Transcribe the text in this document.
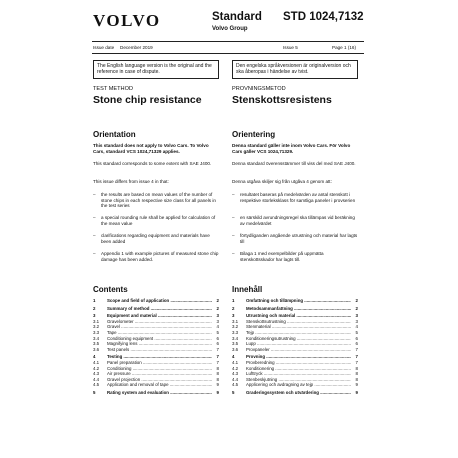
VOLVO	Standard
Volvo Group
STD 1024,7132
Issue date December 2019	Issue 5	Page 1 (16)
The English language version is the original and the reference in case of dispute.
Den engelska språkversionen är originalversion och ska åberopas i händelse av tvist.
TEST METHOD
Stone chip resistance
Orientation
This standard does not apply to Volvo Cars. To Volvo Cars, standard VCS 1024,71329 applies.
This standard corresponds to some extent with SAE J400.
This issue differs from issue 4 in that:
– the results are based on mean values of the number of stone chips in each respective size class for all panels in the test series
– a special rounding rule shall be applied for calculation of the mean value
– clarifications regarding equipment and materials have been added
– Appendix 1 with example pictures of measured stone chip damage has been added.
Contents
1	Scope and field of application .....	2
2	Summary of method .....	2
3	Equipment and material .....	3
3.1 Gravelometer .....	3
3.2 Gravel .....	4
3.3 Tape .....	5
3.4 Conditioning equipment .....	6
3.5 Magnifying lens .....	6
3.6 Test panels .....	7
4	Testing .....	7
4.1 Panel preparation .....	7
4.2 Conditioning .....	8
4.3 Air pressure .....	8
4.4 Gravel projection .....	8
4.5 Application and removal of tape .....	9
5	Rating system and evaluation .....	9
PROVNINGSMETOD
Stenskottsresistens
Orientering
Denna standard gäller inte inom Volvo Cars. För Volvo Cars gäller VCS 1024,71329.
Denna standard överensstämmer till viss del med SAE J400.
Denna utgåva skiljer sig från utgåva 4 genom att:
– resultatet baseras på medelvärden av antal stenskott i respektive storleksklass för samtliga paneler i provserien
– en särskild avrundningsregel ska tillämpas vid beräkning av medelvärdet
– förtydliganden angående utrustning och material har lagts till
– Bilaga 1 med exempelbilder på uppmätta stenskottsskador har lagts till.
Innehåll
1	Omfattning och tillämpning .....	2
2	Metodsammanfattning .....	2
3	Utrustning och material .....	3
3.1 Stenskottsutrustning .....	3
3.2 Stenmaterial .....	4
3.3 Tejp .....	5
3.4 Konditioneringsutrustning .....	6
3.5 Lupp .....	6
3.6 Provpaneler .....	7
4	Provning .....	7
4.1 Provberedning .....	7
4.2 Konditionering .....	8
4.3 Lufttryck .....	8
4.4 Stenbeskjutning .....	8
4.5 Applicering och avdragning av tejp .....	9
5	Graderingssystem och utvärdering .....	9
